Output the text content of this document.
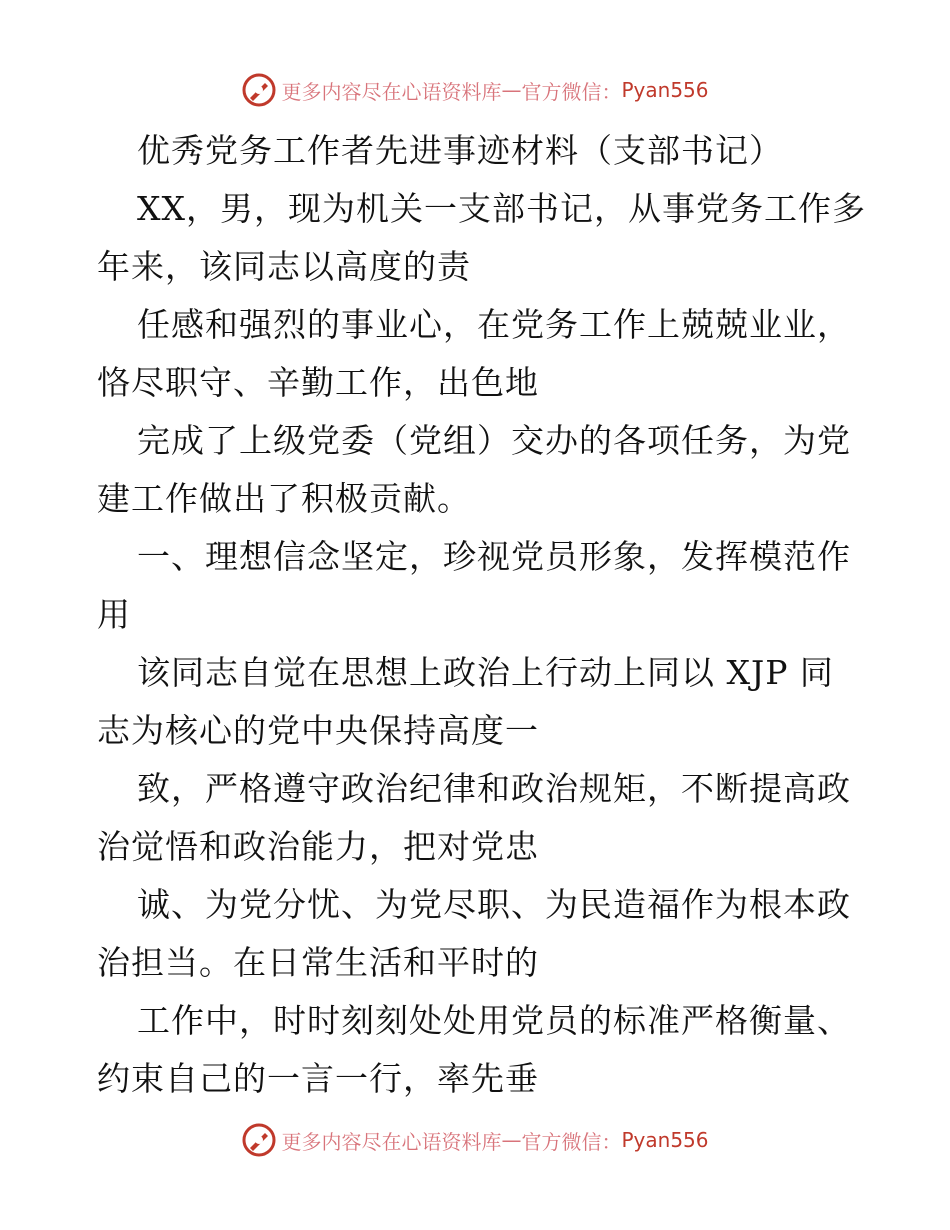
更多内容尽在心语资料库 — 官方微信： Pyan556

优秀党务工作者先进事迹材料（支部书记）

XX，男，现为机关一支部书记，从事党务工作多年来，该同志以高度的责

任感和强烈的事业心，在党务工作上兢兢业业，恪尽职守、辛勤工作，出色地

完成了上级党委（党组）交办的各项任务，为党建工作做出了积极贡献。

一、理想信念坚定，珍视党员形象，发挥模范作用

该同志自觉在思想上政治上行动上同以 XJP 同志为核心的党中央保持高度一

致，严格遵守政治纪律和政治规矩，不断提高政治觉悟和政治能力，把对党忠

诚、为党分忧、为党尽职、为民造福作为根本政治担当。在日常生活和平时的

工作中，时时刻刻处处用党员的标准严格衡量、约束自己的一言一行，率先垂

更多内容尽在心语资料库 — 官方微信： Pyan556
